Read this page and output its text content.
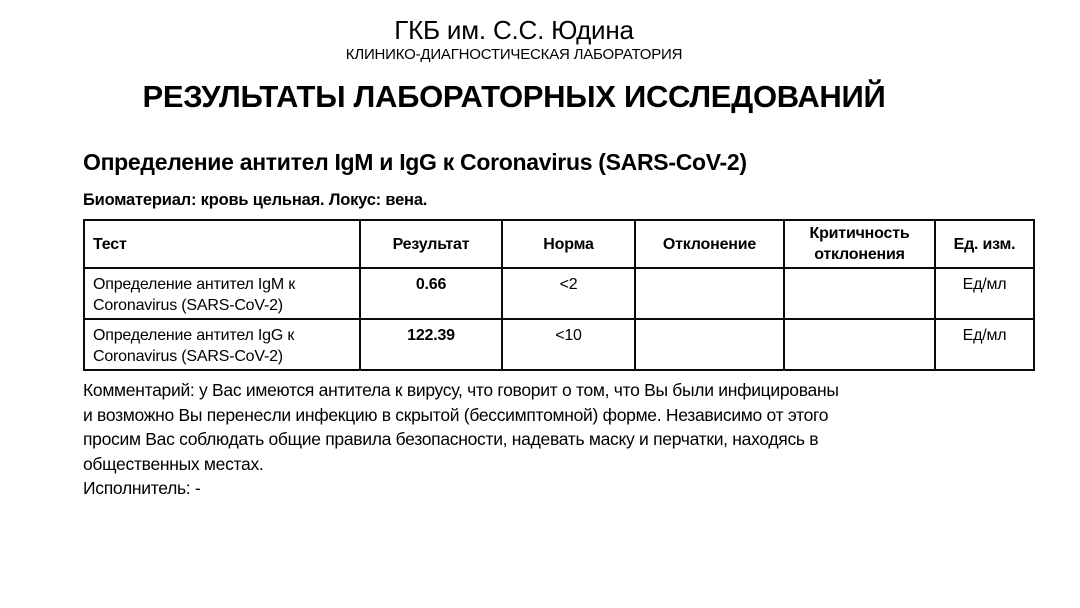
ГКБ им. С.С. Юдина
КЛИНИКО-ДИАГНОСТИЧЕСКАЯ ЛАБОРАТОРИЯ
РЕЗУЛЬТАТЫ ЛАБОРАТОРНЫХ ИССЛЕДОВАНИЙ
Определение антител IgM и IgG к Coronavirus (SARS-CoV-2)
Биоматериал: кровь цельная. Локус: вена.
Тест	Результат	Норма	Отклонение	Критичность отклонения	Ед. изм.
Определение антител IgM к Coronavirus (SARS-CoV-2)	0.66	<2			Ед/мл
Определение антител IgG к Coronavirus (SARS-CoV-2)	122.39	<10			Ед/мл
Комментарий: у Вас имеются антитела к вирусу, что говорит о том, что Вы были инфицированы
и возможно Вы перенесли инфекцию в скрытой (бессимптомной) форме. Независимо от этого
просим Вас соблюдать общие правила безопасности, надевать маску и перчатки, находясь в
общественных местах.
Исполнитель: -
